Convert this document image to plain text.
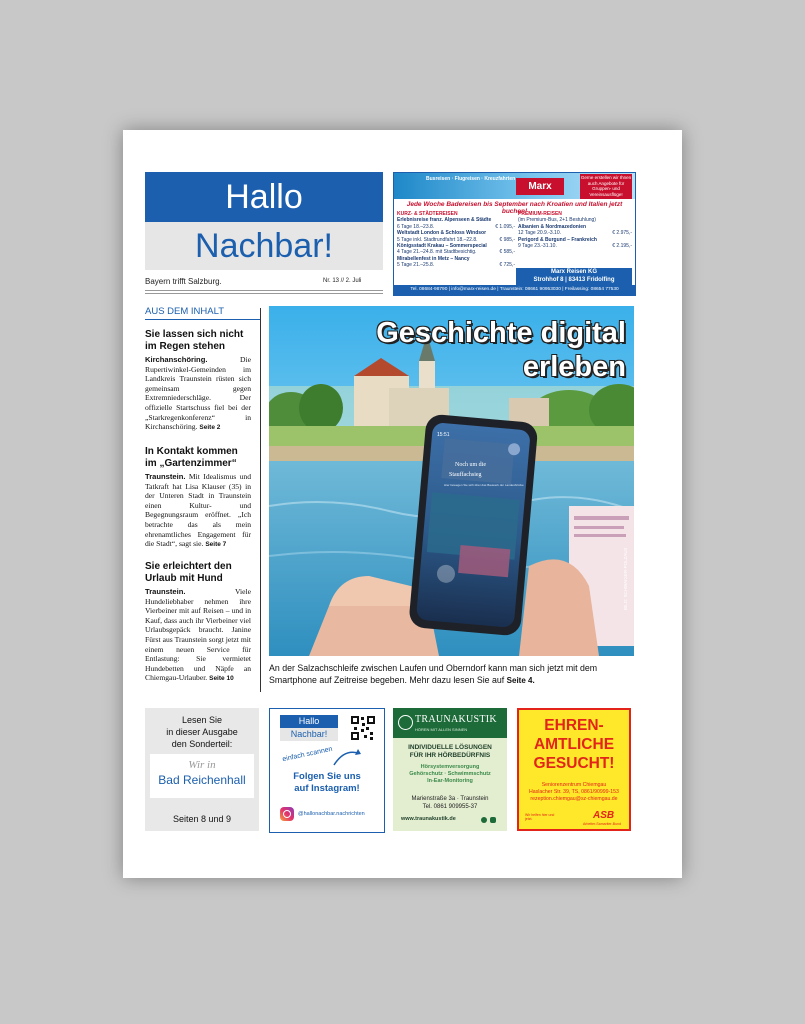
Hallo
Nachbar!
Bayern trifft Salzburg.	Nr. 13 // 2. Juli
Busreisen · Flugreisen · Kreuzfahrten
Marx
Gerne erstellen wir Ihnen auch Angebote für Gruppen- und Vereinsausflüge!
Jede Woche Badereisen bis September nach Kroatien und Italien jetzt buchen!
KURZ- & STÄDTEREISEN
Erlebnisreise franz. Alpenseen & Städte
6 Tage 18.–23.8.	€ 1.095,-
Weltstadt London & Schloss Windsor
5 Tage inkl. Stadtrundfahrt 18.–22.8.	€ 985,-
Königsstadt Krakau – Sommerspecial
4 Tage 21.–24.8. mit Stadtbesichtig.	€ 585,-
Mirabellenfest in Metz – Nancy
5 Tage 21.–25.8.	€ 725,-
PREMIUM-REISEN
(im Premium-Bus, 2+1 Bestuhlung)
Albanien & Nordmazedonien
12 Tage 20.9.-3.10.	€ 2.975,-
Perigord & Burgund – Frankreich
9 Tage 23.-31.10.	€ 2.195,-
Marx Reisen KG
Strohhof 8 | 83413 Fridolfing
Tel. 08684-98790 | info@marx-reisen.de | Traunstein: 08661 90953030 | Freilassing: 08654 77530
AUS DEM INHALT
Sie lassen sich nicht im Regen stehen

Kirchanschöring. Die Rupertiwinkel-Gemeinden im Landkreis Traunstein rüsten sich gemeinsam gegen Extremniederschläge. Der offizielle Startschuss fiel bei der „Starkregenkonferenz“ in Kirchanschöring. Seite 2

In Kontakt kommen im „Gartenzimmer“

Traunstein. Mit Idealismus und Tatkraft hat Lisa Klauser (35) in der Unteren Stadt in Traunstein einen Kultur- und Begegnungsraum eröffnet. „Ich betrachte das als mein ehrenamtliches Engagement für die Stadt“, sagt sie. Seite 7

Sie erleichtert den Urlaub mit Hund

Traunstein. Viele Hundeliebhaber nehmen ihre Vierbeiner mit auf Reisen – und in Kauf, dass auch ihr Vierbeiner viel Urlaubsgepäck braucht. Janine Fürst aus Traunstein sorgt jetzt mit einem neuen Service für Entlastung: Sie vermietet Hundebetten und Näpfe an Chiemgau-Urlauber. Seite 10

15:51
Noch um die
Stauffachsieg
Hier bewegen Sie sich über das Bauwerk der Landesbrücke
Geschichte digital
erleben
BILD: SCHWAIGER-POLZAU3
An der Salzachschleife zwischen Laufen und Oberndorf kann man sich jetzt mit dem Smartphone auf Zeitreise begeben. Mehr dazu lesen Sie auf Seite 4.
Lesen Sie
in dieser Ausgabe
den Sonderteil:
Wir in
Bad Reichenhall
Seiten 8 und 9
Hallo
Nachbar!
einfach scannen
Folgen Sie uns
auf Instagram!
@hallonachbar.nachrichten
TRAUNAKUSTIK
HÖREN MIT ALLEN SINNEN
INDIVIDUELLE LÖSUNGEN
FÜR IHR HÖRBEDÜRFNIS
Hörsystemversorgung
Gehörschutz · Schwimmschutz
In-Ear-Monitoring
Marienstraße 3a · Traunstein
Tel. 0861 909955-37
www.traunakustik.de
EHREN-
AMTLICHE
GESUCHT!
Seniorenzentrum Chiemgau
Haslacher Str. 39, TS, 0861/90999-153
rezeption.chiemgau@sz-chiemgau.de
Wir helfen hier und jetzt.	ASB
Arbeiter-Samariter-Bund
